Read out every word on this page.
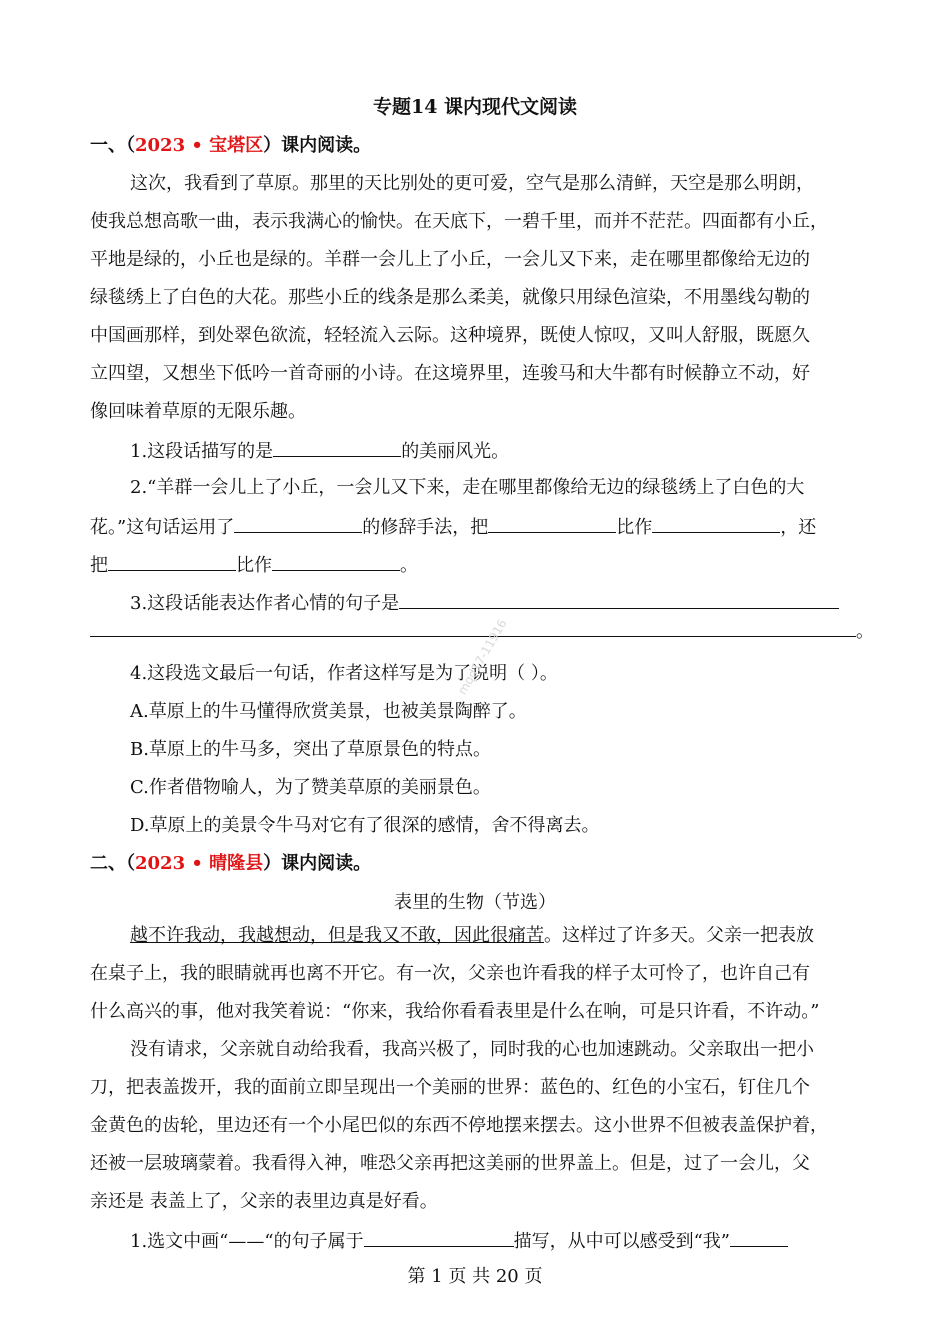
专题14 课内现代文阅读
一、（2023 • 宝塔区）课内阅读。
这次，我看到了草原。那里的天比别处的更可爱，空气是那么清鲜，天空是那么明朗，
使我总想高歌一曲，表示我满心的愉快。在天底下，一碧千里，而并不茫茫。四面都有小丘，
平地是绿的，小丘也是绿的。羊群一会儿上了小丘，一会儿又下来，走在哪里都像给无边的
绿毯绣上了白色的大花。那些小丘的线条是那么柔美，就像只用绿色渲染，不用墨线勾勒的
中国画那样，到处翠色欲流，轻轻流入云际。这种境界，既使人惊叹，又叫人舒服，既愿久
立四望，又想坐下低吟一首奇丽的小诗。在这境界里，连骏马和大牛都有时候静立不动，好
像回味着草原的无限乐趣。
1.这段话描写的是	的美丽风光。
2.“羊群一会儿上了小丘，一会儿又下来，走在哪里都像给无边的绿毯绣上了白色的大
花。”这句话运用了	的修辞手法，把	比作	，还
把	比作	。
3.这段话能表达作者心情的句子是
。
4.这段选文最后一句话，作者这样写是为了说明（ ）。
A.草原上的牛马懂得欣赏美景，也被美景陶醉了。
B.草原上的牛马多，突出了草原景色的特点。
C.作者借物喻人，为了赞美草原的美丽景色。
D.草原上的美景令牛马对它有了很深的感情，舍不得离去。
二、（2023 • 晴隆县）课内阅读。
表里的生物（节选）
越不许我动，我越想动，但是我又不敢，因此很痛苦。这样过了许多天。父亲一把表放
在桌子上，我的眼睛就再也离不开它。有一次，父亲也许看我的样子太可怜了，也许自己有
什么高兴的事，他对我笑着说：“你来，我给你看看表里是什么在响，可是只许看，不许动。”
没有请求，父亲就自动给我看，我高兴极了，同时我的心也加速跳动。父亲取出一把小
刀，把表盖拨开，我的面前立即呈现出一个美丽的世界：蓝色的、红色的小宝石，钉住几个
金黄色的齿轮，里边还有一个小尾巴似的东西不停地摆来摆去。这小世界不但被表盖保护着，
还被一层玻璃蒙着。我看得入神，唯恐父亲再把这美丽的世界盖上。但是，过了一会儿，父
亲还是 表盖上了，父亲的表里边真是好看。
1.选文中画“——“的句子属于	描写，从中可以感受到“我”
mqd17-11916
第 1 页 共 20 页
